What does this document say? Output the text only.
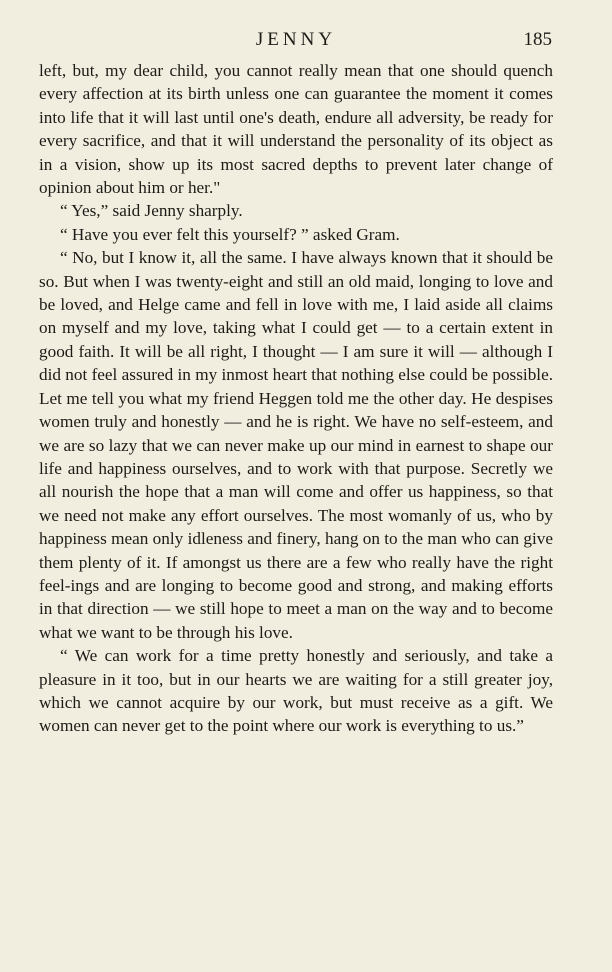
JENNY	185

left, but, my dear child, you cannot really mean that one should quench every affection at its birth unless one can guarantee the moment it comes into life that it will last until one's death, endure all adversity, be ready for every sacrifice, and that it will understand the personality of its object as in a vision, show up its most sacred depths to prevent later change of opinion about him or her."

“ Yes,” said Jenny sharply.

“ Have you ever felt this yourself? ” asked Gram.

“ No, but I know it, all the same. I have always known that it should be so. But when I was twenty-eight and still an old maid, longing to love and be loved, and Helge came and fell in love with me, I laid aside all claims on myself and my love, taking what I could get — to a certain extent in good faith. It will be all right, I thought — I am sure it will — although I did not feel assured in my inmost heart that nothing else could be possible. Let me tell you what my friend Heggen told me the other day. He despises women truly and honestly — and he is right. We have no self-esteem, and we are so lazy that we can never make up our mind in earnest to shape our life and happiness ourselves, and to work with that purpose. Secretly we all nourish the hope that a man will come and offer us happiness, so that we need not make any effort ourselves. The most womanly of us, who by happiness mean only idleness and finery, hang on to the man who can give them plenty of it. If amongst us there are a few who really have the right feel-ings and are longing to become good and strong, and making efforts in that direction — we still hope to meet a man on the way and to become what we want to be through his love.

“ We can work for a time pretty honestly and seriously, and take a pleasure in it too, but in our hearts we are waiting for a still greater joy, which we cannot acquire by our work, but must receive as a gift. We women can never get to the point where our work is everything to us.”
